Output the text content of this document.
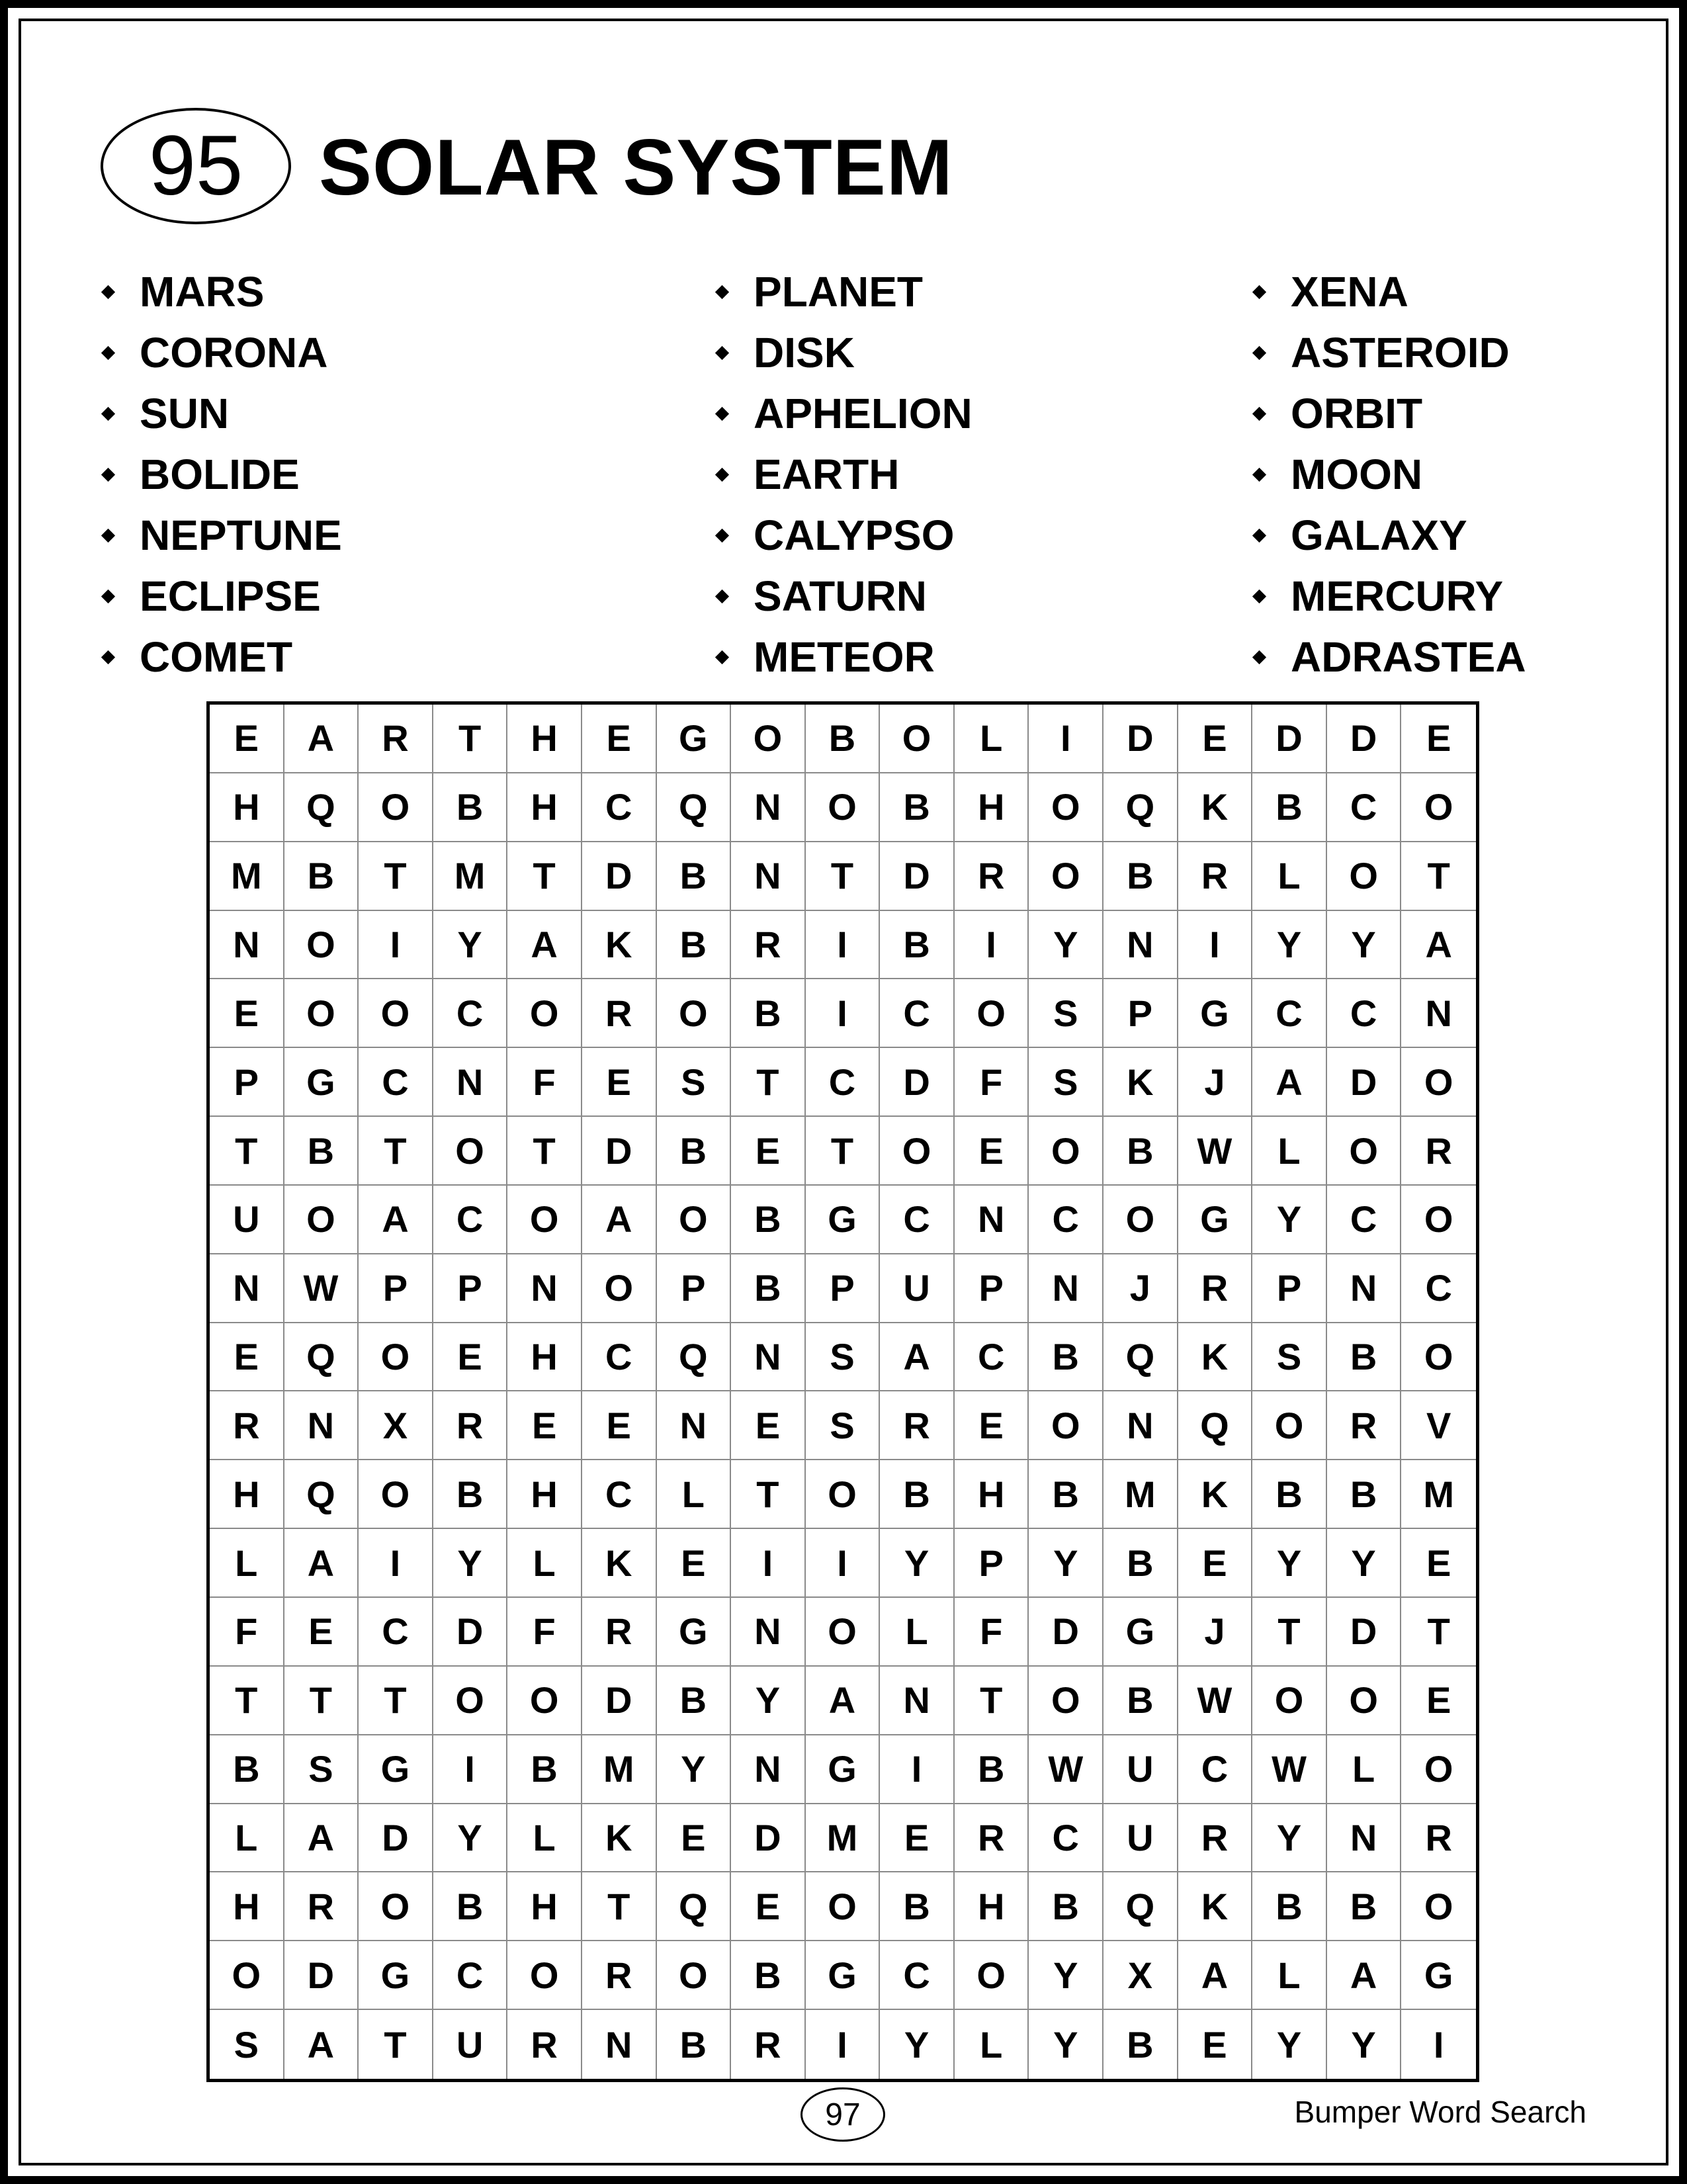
95 SOLAR SYSTEM
MARS
CORONA
SUN
BOLIDE
NEPTUNE
ECLIPSE
COMET
PLANET
DISK
APHELION
EARTH
CALYPSO
SATURN
METEOR
XENA
ASTEROID
ORBIT
MOON
GALAXY
MERCURY
ADRASTEA
E	A	R	T	H	E	G	O	B	O	L	I	D	E	D	D	E
H	Q	O	B	H	C	Q	N	O	B	H	O	Q	K	B	C	O
M	B	T	M	T	D	B	N	T	D	R	O	B	R	L	O	T
N	O	I	Y	A	K	B	R	I	B	I	Y	N	I	Y	Y	A
E	O	O	C	O	R	O	B	I	C	O	S	P	G	C	C	N
P	G	C	N	F	E	S	T	C	D	F	S	K	J	A	D	O
T	B	T	O	T	D	B	E	T	O	E	O	B	W	L	O	R
U	O	A	C	O	A	O	B	G	C	N	C	O	G	Y	C	O
N	W	P	P	N	O	P	B	P	U	P	N	J	R	P	N	C
E	Q	O	E	H	C	Q	N	S	A	C	B	Q	K	S	B	O
R	N	X	R	E	E	N	E	S	R	E	O	N	Q	O	R	V
H	Q	O	B	H	C	L	T	O	B	H	B	M	K	B	B	M
L	A	I	Y	L	K	E	I	I	Y	P	Y	B	E	Y	Y	E
F	E	C	D	F	R	G	N	O	L	F	D	G	J	T	D	T
T	T	T	O	O	D	B	Y	A	N	T	O	B	W	O	O	E
B	S	G	I	B	M	Y	N	G	I	B	W	U	C	W	L	O
L	A	D	Y	L	K	E	D	M	E	R	C	U	R	Y	N	R
H	R	O	B	H	T	Q	E	O	B	H	B	Q	K	B	B	O
O	D	G	C	O	R	O	B	G	C	O	Y	X	A	L	A	G
S	A	T	U	R	N	B	R	I	Y	L	Y	B	E	Y	Y	I
97	Bumper Word Search
